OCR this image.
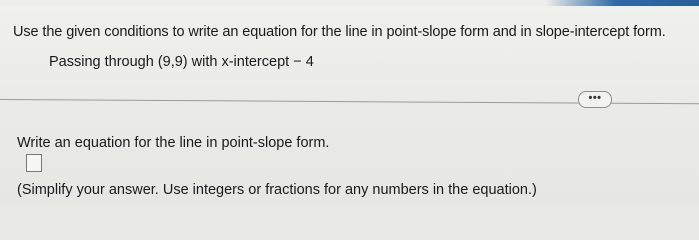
Use the given conditions to write an equation for the line in point-slope form and in slope-intercept form.
Passing through (9,9) with x-intercept − 4
•••
Write an equation for the line in point-slope form.
(Simplify your answer. Use integers or fractions for any numbers in the equation.)
